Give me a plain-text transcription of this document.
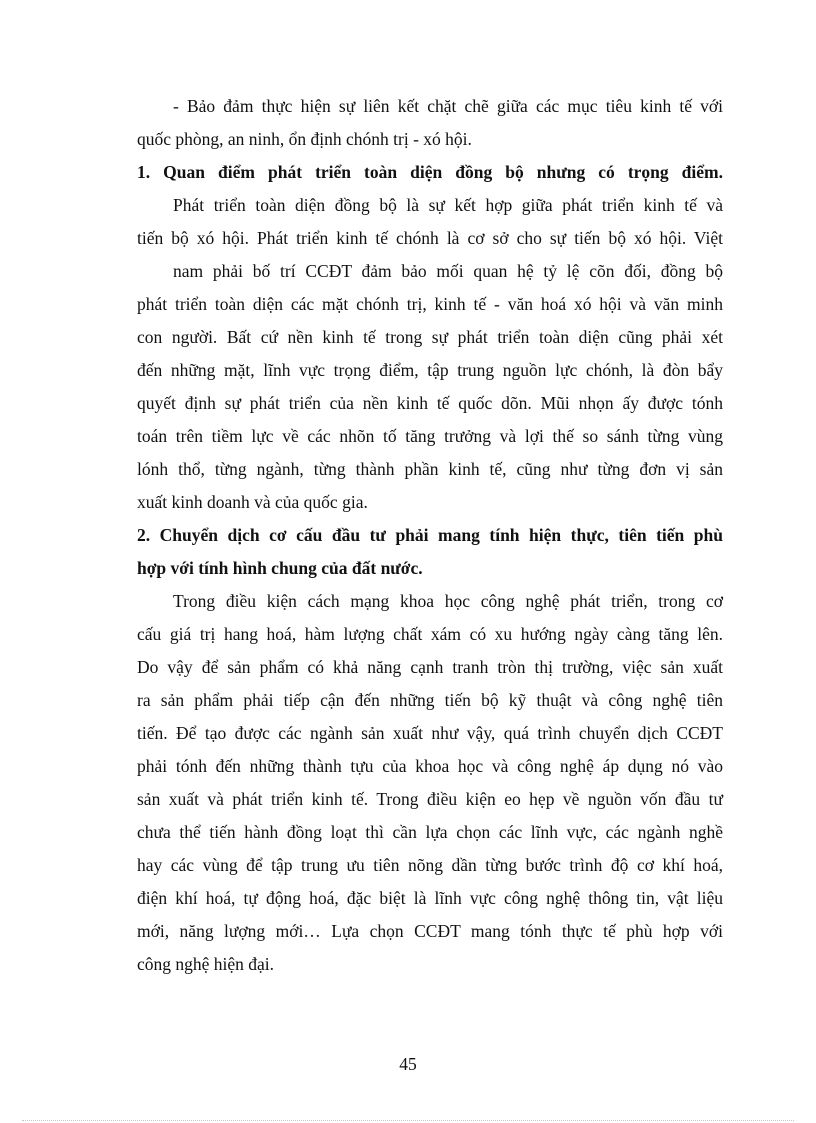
- Bảo đảm thực hiện sự liên kết chặt chẽ giữa các mục tiêu kinh tế với
quốc phòng, an ninh, ổn định chónh trị - xó hội.
1. Quan điểm phát triển toàn diện đồng bộ nhưng có trọng điểm.
Phát triển toàn diện đồng bộ là sự kết hợp giữa phát triển kinh tế và
tiến bộ xó hội. Phát triển kinh tế chónh là cơ sở cho sự tiến bộ xó hội. Việt
nam phải bố trí CCĐT đảm bảo mối quan hệ tỷ lệ cõn đối, đồng bộ
phát triển toàn diện các mặt chónh trị, kinh tế - văn hoá xó hội và văn minh
con người. Bất cứ nền kinh tế trong sự phát triển toàn diện cũng phải xét
đến những mặt, lĩnh vực trọng điểm, tập trung nguồn lực chónh, là đòn bẩy
quyết định sự phát triển của nền kinh tế quốc dõn. Mũi nhọn ấy được tónh
toán trên tiềm lực về các nhõn tố tăng trưởng và lợi thế so sánh từng vùng
lónh thổ, từng ngành, từng thành phần kinh tế, cũng như từng đơn vị sản
xuất kinh doanh và của quốc gia.
2. Chuyển dịch cơ cấu đầu tư phải mang tính hiện thực, tiên tiến phù
hợp với tính hình chung của đất nước.
Trong điều kiện cách mạng khoa học công nghệ phát triển, trong cơ
cấu giá trị hang hoá, hàm lượng chất xám có xu hướng ngày càng tăng lên.
Do vậy để sản phẩm có khả năng cạnh tranh tròn thị trường, việc sản xuất
ra sản phẩm phải tiếp cận đến những tiến bộ kỹ thuật và công nghệ tiên
tiến. Để tạo được các ngành sản xuất như vậy, quá trình chuyển dịch CCĐT
phải tónh đến những thành tựu của khoa học và công nghệ áp dụng nó vào
sản xuất và phát triển kinh tế. Trong điều kiện eo hẹp về nguồn vốn đầu tư
chưa thể tiến hành đồng loạt thì cần lựa chọn các lĩnh vực, các ngành nghề
hay các vùng để tập trung ưu tiên nõng dần từng bước trình độ cơ khí hoá,
điện khí hoá, tự động hoá, đặc biệt là lĩnh vực công nghệ thông tin, vật liệu
mới, năng lượng mới… Lựa chọn CCĐT mang tónh thực tế phù hợp với
công nghệ hiện đại.
45
